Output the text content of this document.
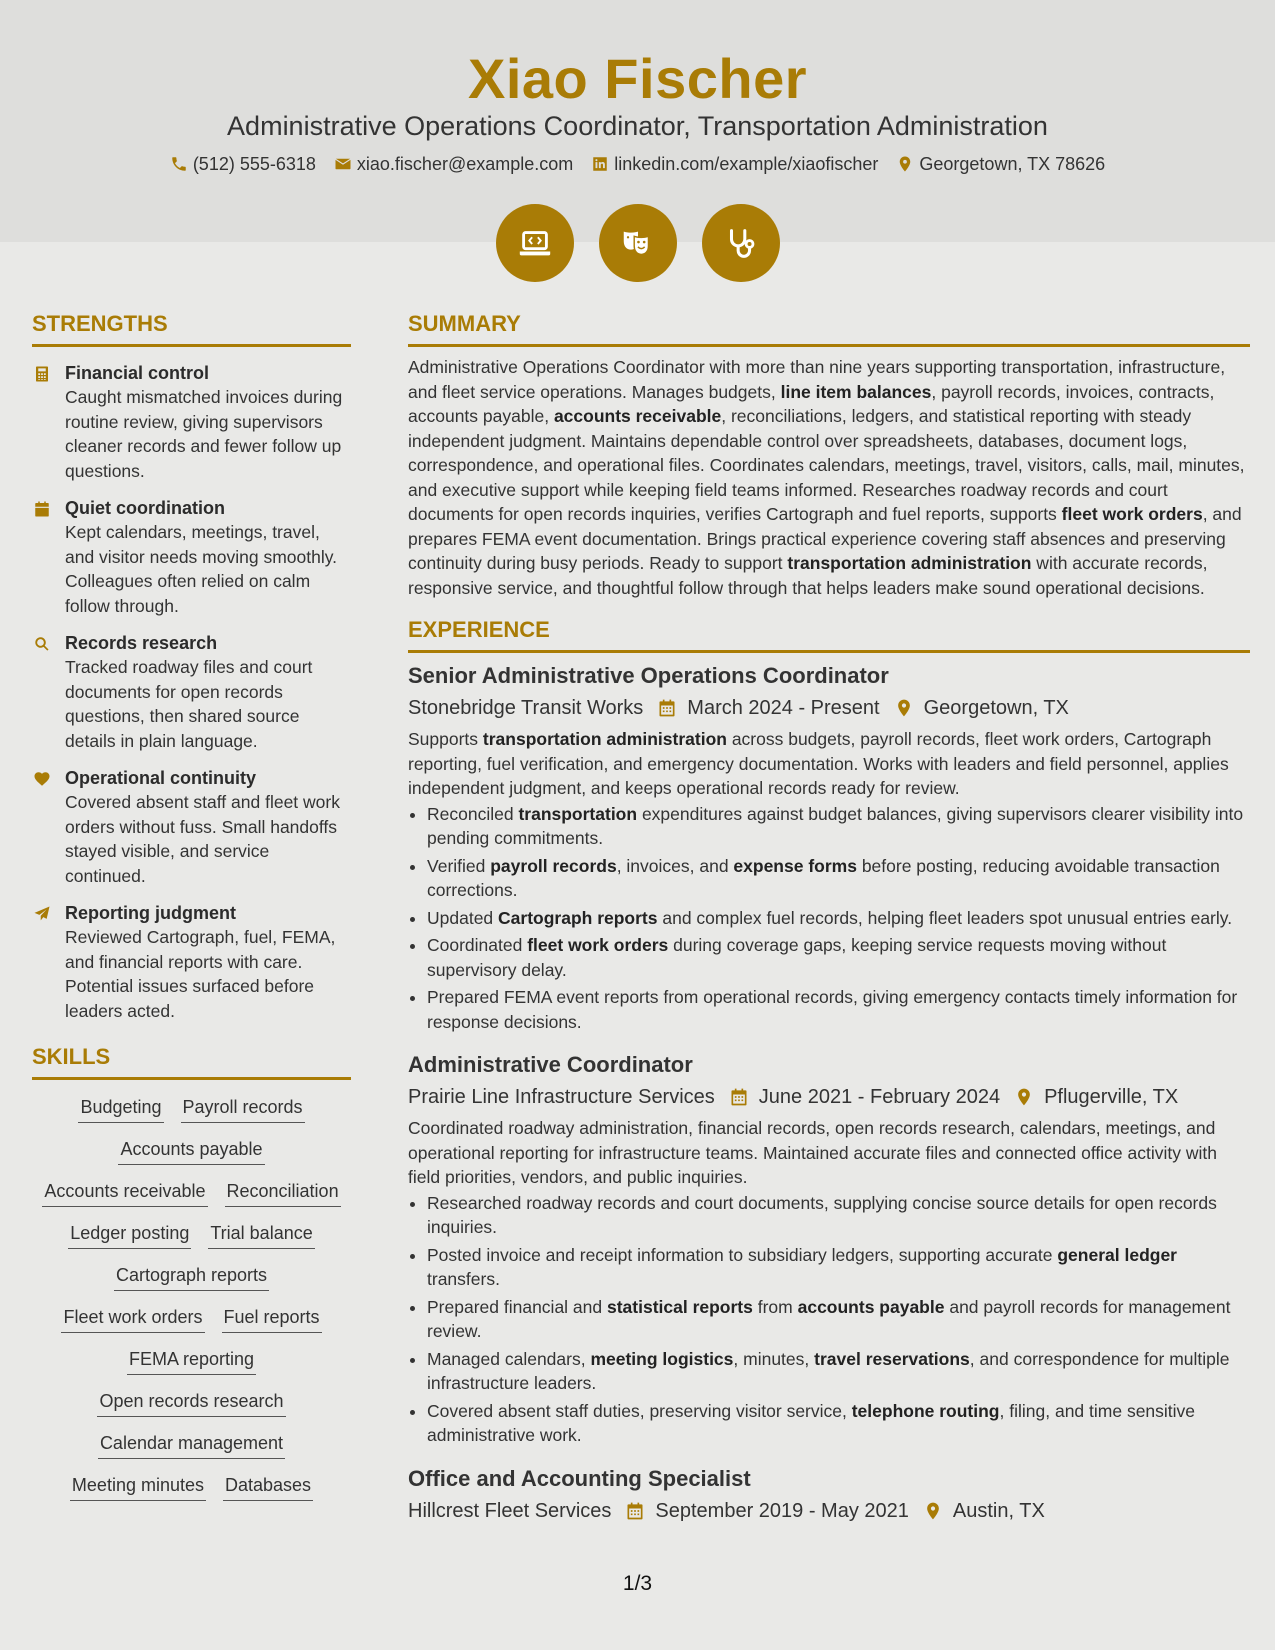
Xiao Fischer
Administrative Operations Coordinator, Transportation Administration
(512) 555-6318 xiao.fischer@example.com linkedin.com/example/xiaofischer Georgetown, TX 78626
STRENGTHS
Financial control
Caught mismatched invoices during routine review, giving supervisors cleaner records and fewer follow up questions.
Quiet coordination
Kept calendars, meetings, travel, and visitor needs moving smoothly. Colleagues often relied on calm follow through.
Records research
Tracked roadway files and court documents for open records questions, then shared source details in plain language.
Operational continuity
Covered absent staff and fleet work orders without fuss. Small handoffs stayed visible, and service continued.
Reporting judgment
Reviewed Cartograph, fuel, FEMA, and financial reports with care. Potential issues surfaced before leaders acted.
SKILLS
Budgeting Payroll records
Accounts payable
Accounts receivable Reconciliation
Ledger posting Trial balance
Cartograph reports
Fleet work orders Fuel reports
FEMA reporting
Open records research
Calendar management
Meeting minutes Databases
SUMMARY

Administrative Operations Coordinator with more than nine years supporting transportation, infrastructure, and fleet service operations. Manages budgets, line item balances, payroll records, invoices, contracts, accounts payable, accounts receivable, reconciliations, ledgers, and statistical reporting with steady independent judgment. Maintains dependable control over spreadsheets, databases, document logs, correspondence, and operational files. Coordinates calendars, meetings, travel, visitors, calls, mail, minutes, and executive support while keeping field teams informed. Researches roadway records and court documents for open records inquiries, verifies Cartograph and fuel reports, supports fleet work orders, and prepares FEMA event documentation. Brings practical experience covering staff absences and preserving continuity during busy periods. Ready to support transportation administration with accurate records, responsive service, and thoughtful follow through that helps leaders make sound operational decisions.

EXPERIENCE
Senior Administrative Operations Coordinator
Stonebridge Transit Works March 2024 - Present Georgetown, TX

Supports transportation administration across budgets, payroll records, fleet work orders, Cartograph reporting, fuel verification, and emergency documentation. Works with leaders and field personnel, applies independent judgment, and keeps operational records ready for review.

• Reconciled transportation expenditures against budget balances, giving supervisors clearer visibility into pending commitments.
• Verified payroll records, invoices, and expense forms before posting, reducing avoidable transaction corrections.
• Updated Cartograph reports and complex fuel records, helping fleet leaders spot unusual entries early.
• Coordinated fleet work orders during coverage gaps, keeping service requests moving without supervisory delay.
• Prepared FEMA event reports from operational records, giving emergency contacts timely information for response decisions.
Administrative Coordinator
Prairie Line Infrastructure Services June 2021 - February 2024 Pflugerville, TX

Coordinated roadway administration, financial records, open records research, calendars, meetings, and operational reporting for infrastructure teams. Maintained accurate files and connected office activity with field priorities, vendors, and public inquiries.

• Researched roadway records and court documents, supplying concise source details for open records inquiries.
• Posted invoice and receipt information to subsidiary ledgers, supporting accurate general ledger transfers.
• Prepared financial and statistical reports from accounts payable and payroll records for management review.
• Managed calendars, meeting logistics, minutes, travel reservations, and correspondence for multiple infrastructure leaders.
• Covered absent staff duties, preserving visitor service, telephone routing, filing, and time sensitive administrative work.
Office and Accounting Specialist
Hillcrest Fleet Services September 2019 - May 2021 Austin, TX
1/3
